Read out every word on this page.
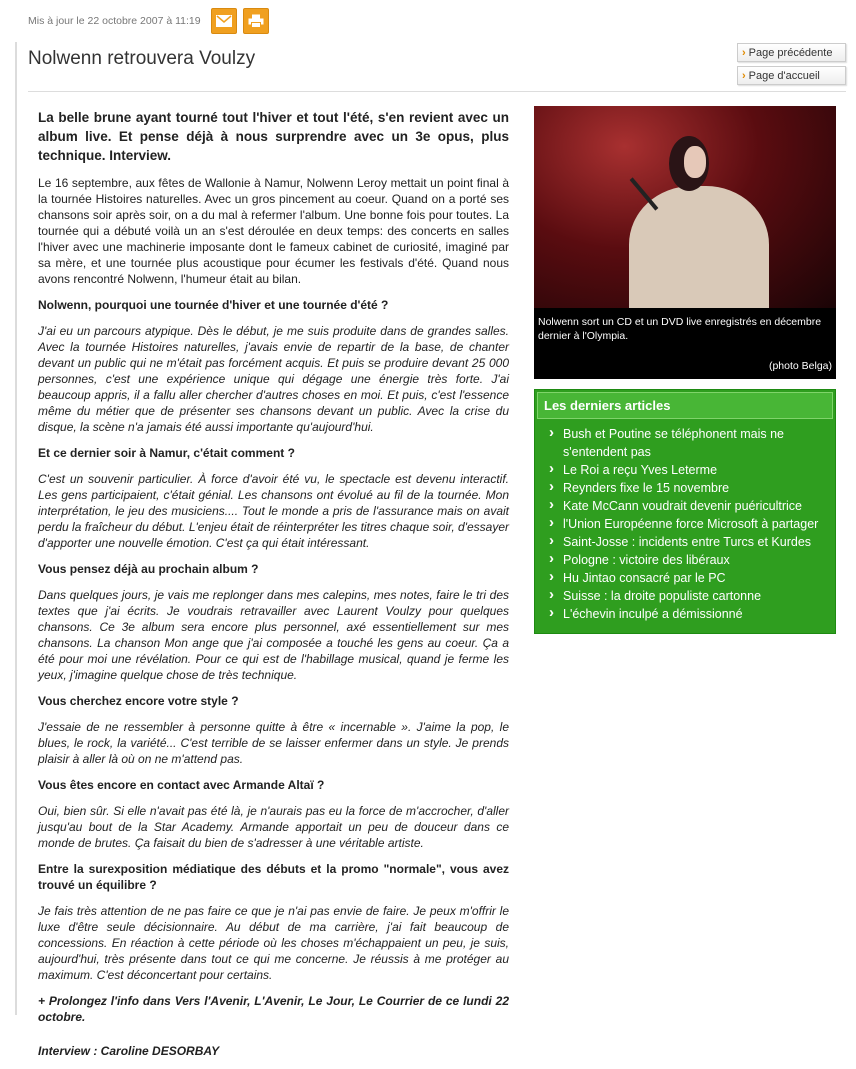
Mis à jour le 22 octobre 2007 à 11:19
Nolwenn retrouvera Voulzy	› Page précédente
› Page d'accueil

La belle brune ayant tourné tout l'hiver et tout l'été, s'en revient avec un album live. Et pense déjà à nous surprendre avec un 3e opus, plus technique. Interview.

Le 16 septembre, aux fêtes de Wallonie à Namur, Nolwenn Leroy mettait un point final à la tournée Histoires naturelles. Avec un gros pincement au coeur. Quand on a porté ses chansons soir après soir, on a du mal à refermer l'album. Une bonne fois pour toutes. La tournée qui a débuté voilà un an s'est déroulée en deux temps: des concerts en salles l'hiver avec une machinerie imposante dont le fameux cabinet de curiosité, imaginé par sa mère, et une tournée plus acoustique pour écumer les festivals d'été. Quand nous avons rencontré Nolwenn, l'humeur était au bilan.

Nolwenn, pourquoi une tournée d'hiver et une tournée d'été ?

J'ai eu un parcours atypique. Dès le début, je me suis produite dans de grandes salles. Avec la tournée Histoires naturelles, j'avais envie de repartir de la base, de chanter devant un public qui ne m'était pas forcément acquis. Et puis se produire devant 25 000 personnes, c'est une expérience unique qui dégage une énergie très forte. J'ai beaucoup appris, il a fallu aller chercher d'autres choses en moi. Et puis, c'est l'essence même du métier que de présenter ses chansons devant un public. Avec la crise du disque, la scène n'a jamais été aussi importante qu'aujourd'hui.

Et ce dernier soir à Namur, c'était comment ?

C'est un souvenir particulier. À force d'avoir été vu, le spectacle est devenu interactif. Les gens participaient, c'était génial. Les chansons ont évolué au fil de la tournée. Mon interprétation, le jeu des musiciens.... Tout le monde a pris de l'assurance mais on avait perdu la fraîcheur du début. L'enjeu était de réinterpréter les titres chaque soir, d'essayer d'apporter une nouvelle émotion. C'est ça qui était intéressant.

Vous pensez déjà au prochain album ?

Dans quelques jours, je vais me replonger dans mes calepins, mes notes, faire le tri des textes que j'ai écrits. Je voudrais retravailler avec Laurent Voulzy pour quelques chansons. Ce 3e album sera encore plus personnel, axé essentiellement sur mes chansons. La chanson Mon ange que j'ai composée a touché les gens au coeur. Ça a été pour moi une révélation. Pour ce qui est de l'habillage musical, quand je ferme les yeux, j'imagine quelque chose de très technique.

Vous cherchez encore votre style ?

J'essaie de ne ressembler à personne quitte à être « incernable ». J'aime la pop, le blues, le rock, la variété... C'est terrible de se laisser enfermer dans un style. Je prends plaisir à aller là où on ne m'attend pas.

Vous êtes encore en contact avec Armande Altaï ?

Oui, bien sûr. Si elle n'avait pas été là, je n'aurais pas eu la force de m'accrocher, d'aller jusqu'au bout de la Star Academy. Armande apportait un peu de douceur dans ce monde de brutes. Ça faisait du bien de s'adresser à une véritable artiste.

Entre la surexposition médiatique des débuts et la promo "normale", vous avez trouvé un équilibre ?

Je fais très attention de ne pas faire ce que je n'ai pas envie de faire. Je peux m'offrir le luxe d'être seule décisionnaire. Au début de ma carrière, j'ai fait beaucoup de concessions. En réaction à cette période où les choses m'échappaient un peu, je suis, aujourd'hui, très présente dans tout ce qui me concerne. Je réussis à me protéger au maximum. C'est déconcertant pour certains.

+ Prolongez l'info dans Vers l'Avenir, L'Avenir, Le Jour, Le Courrier de ce lundi 22 octobre.

Interview : Caroline DESORBAY

Nolwenn sort un CD et un DVD live enregistrés en décembre dernier à l'Olympia.
(photo Belga)
Les derniers articles
› Bush et Poutine se téléphonent mais ne s'entendent pas
› Le Roi a reçu Yves Leterme
› Reynders fixe le 15 novembre
› Kate McCann voudrait devenir puéricultrice
› l'Union Européenne force Microsoft à partager
› Saint-Josse : incidents entre Turcs et Kurdes
› Pologne : victoire des libéraux
› Hu Jintao consacré par le PC
› Suisse : la droite populiste cartonne
› L'échevin inculpé a démissionné
